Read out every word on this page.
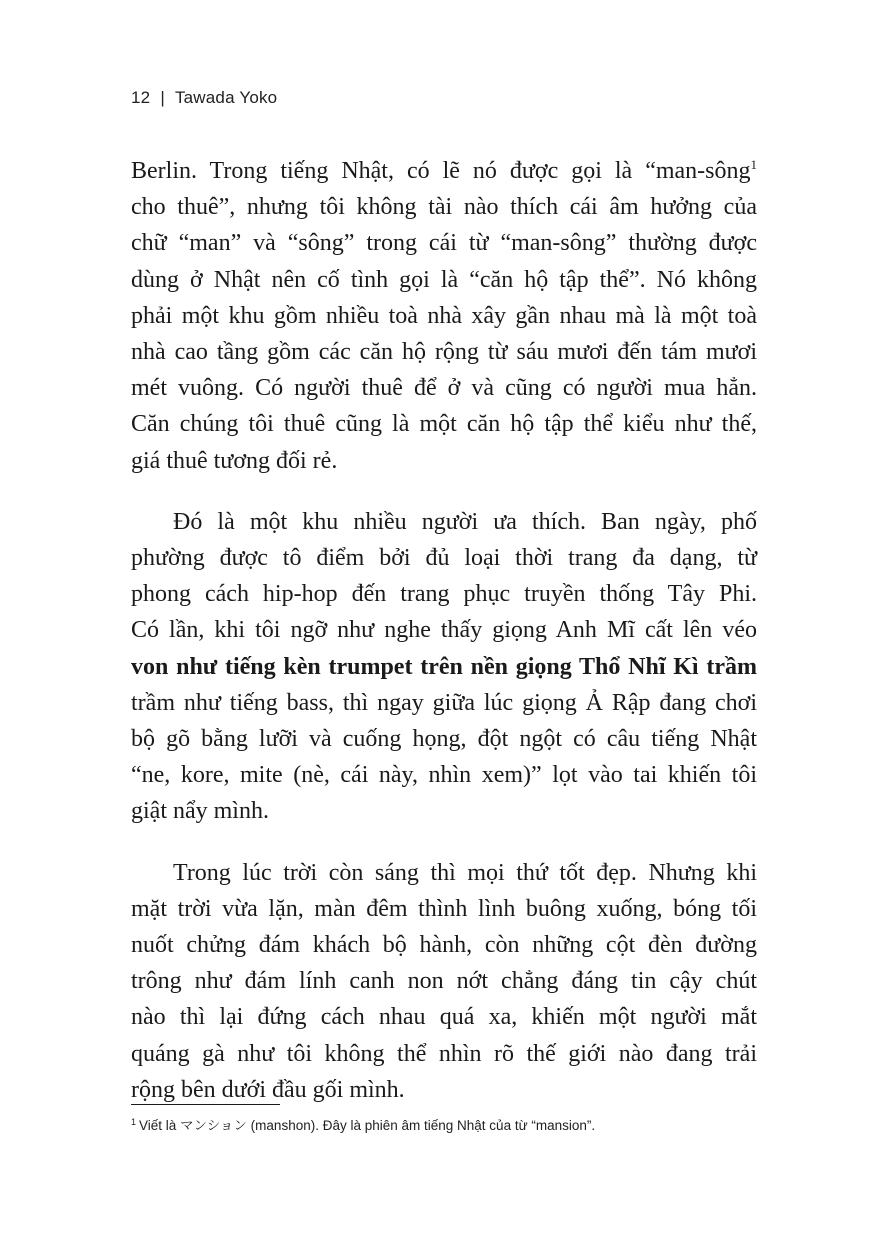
12 | Tawada Yoko
Berlin. Trong tiếng Nhật, có lẽ nó được gọi là “man-sông$^1$
cho thuê”, nhưng tôi không tài nào thích cái âm hưởng của
chữ “man” và “sông” trong cái từ “man-sông” thường được
dùng ở Nhật nên cố tình gọi là “căn hộ tập thể”. Nó không
phải một khu gồm nhiều toà nhà xây gần nhau mà là một toà
nhà cao tầng gồm các căn hộ rộng từ sáu mươi đến tám mươi
mét vuông. Có người thuê để ở và cũng có người mua hẳn.
Căn chúng tôi thuê cũng là một căn hộ tập thể kiểu như thế,
giá thuê tương đối rẻ.
Đó là một khu nhiều người ưa thích. Ban ngày, phố
phường được tô điểm bởi đủ loại thời trang đa dạng, từ
phong cách hip-hop đến trang phục truyền thống Tây Phi.
Có lần, khi tôi ngỡ như nghe thấy giọng Anh Mĩ cất lên véo
von như tiếng kèn trumpet trên nền giọng Thổ Nhĩ Kì trầm
trầm như tiếng bass, thì ngay giữa lúc giọng Ả Rập đang chơi
bộ gõ bằng lưỡi và cuống họng, đột ngột có câu tiếng Nhật
“ne, kore, mite (nè, cái này, nhìn xem)” lọt vào tai khiến tôi
giật nẩy mình.
Trong lúc trời còn sáng thì mọi thứ tốt đẹp. Nhưng khi
mặt trời vừa lặn, màn đêm thình lình buông xuống, bóng tối
nuốt chửng đám khách bộ hành, còn những cột đèn đường
trông như đám lính canh non nớt chẳng đáng tin cậy chút
nào thì lại đứng cách nhau quá xa, khiến một người mắt
quáng gà như tôi không thể nhìn rõ thế giới nào đang trải
rộng bên dưới đầu gối mình.
$^1$ Viết là マンション (manshon). Đây là phiên âm tiếng Nhật của từ “mansion”.
